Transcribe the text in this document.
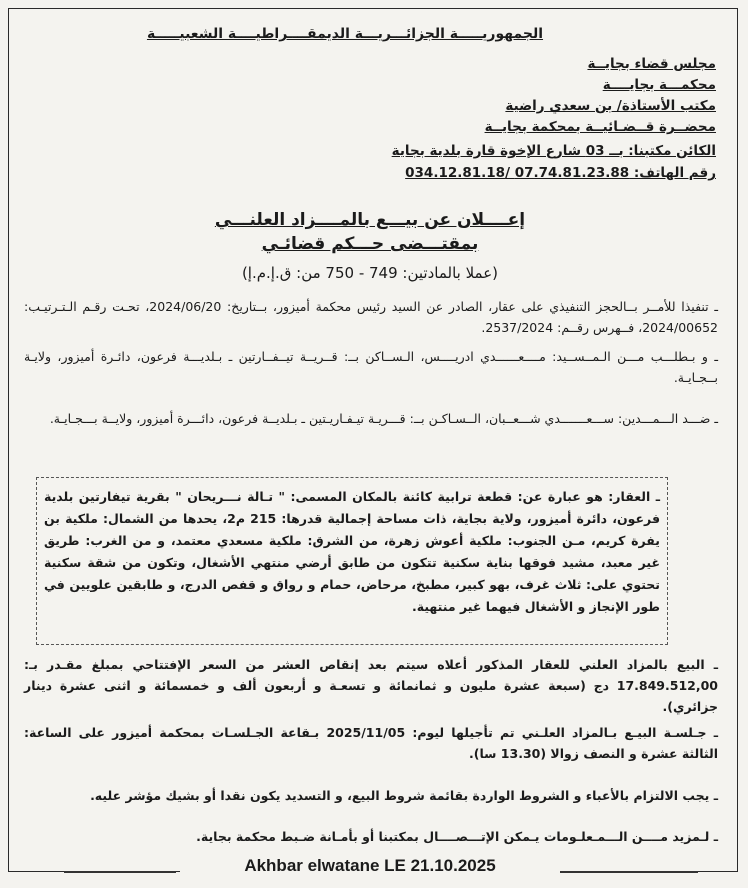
الجمهوريـــــة الجزائـــريـــة الديمقــــراطيــــة الشعبيـــــة
مجلس قضاء بجايــة
محكمـــة بجايــــة
مكتب الأستاذة/ بن سعدي راضية
محضــرة قــضـائيــة بمحكمة بجايــة
الكائن مكتبنا: بــ 03 شارع الإخوة قارة بلدية بجاية
رقم الهاتف: 07.74.81.23.88 /034.12.81.18
إعــــلان عن بيـــع بالمــــزاد العلنـــي
بمقتـــضى حـــكم قضائـي
(عملا بالمادتين: 749 - 750 من: ق.إ.م.إ)
ـ تنفيذا للأمــر بــالحجز التنفيذي على عقار، الصادر عن السيد رئيس محكمة أميزور، بــتاريخ: 2024/06/20، تحـت رقـم الـتـرتيـب: 2024/00652، فــهرس رقــم: 2537/2024.
ـ و بـطلـــب مـــن الـمــســيد: مــــعــــــدي ادريــــس، الـســاكن بــ: قــريــة تيــفــارتين ـ بـلديـــة فرعون، دائـرة أميزور، ولايـة بــجـايـة.
ـ ضـــد الـــمـــدين: ســـعـــــــدي شـــعــبان، الــسـاكـن بــ: قـــريـة تيـفـاريـتين ـ بـلديــة فرعون، دائـــرة أميزور، ولايــة بـــجـايـة.
ـ العقار: هو عبارة عن: قطعة ترابية كائنة بالمكان المسمى: " تـالة نـــريحان " بقرية تيفارتين بلدية فرعون، دائرة أميزور، ولاية بجاية، ذات مساحة إجمالية قدرها: 215 م2، يحدها من الشمال: ملكية بن يفرة كريم، مـن الجنوب: ملكية أعوش زهرة، من الشرق: ملكية مسعدي معتمد، و من الغرب: طريق غير معبد، مشيد فوقها بناية سكنية تتكون من طابق أرضي منتهي الأشغال، وتكون من شقة سكنية تحتوي على: ثلاث غرف، بهو كبير، مطبخ، مرحاض، حمام و رواق و قفص الدرج، و طابقين علويين في طور الإنجاز و الأشغال فيهما غير منتهية.
ـ البيع بالمزاد العلني للعقار المذكور أعلاه سيتم بعد إنقاص العشر من السعر الإفتتاحي بمبلغ مقـدر بـ: 17.849.512,00 دج (سبعة عشرة مليون و ثمانمائة و تسعـة و أربعون ألف و خمسمائة و اثنى عشرة دينار جزائري).
ـ جـلسـة البيـع بـالمزاد العلـني تم تأجيلها ليوم: 2025/11/05 بـقاعة الجـلسـات بمحكمة أميزور على الساعة: الثالثة عشرة و النصف زوالا (13.30 سا).
ـ يجب الالتزام بالأعباء و الشروط الواردة بقائمة شروط البيع، و التسديد يكون نقدا أو بشيك مؤشر عليه.
ـ لـمزيد مــــن الـــمـعلـومات يـمكن الإتـــصــــال بمكتبنا أو بأمـانة ضـبط محكمة بجاية.
Akhbar elwatane LE 21.10.2025
